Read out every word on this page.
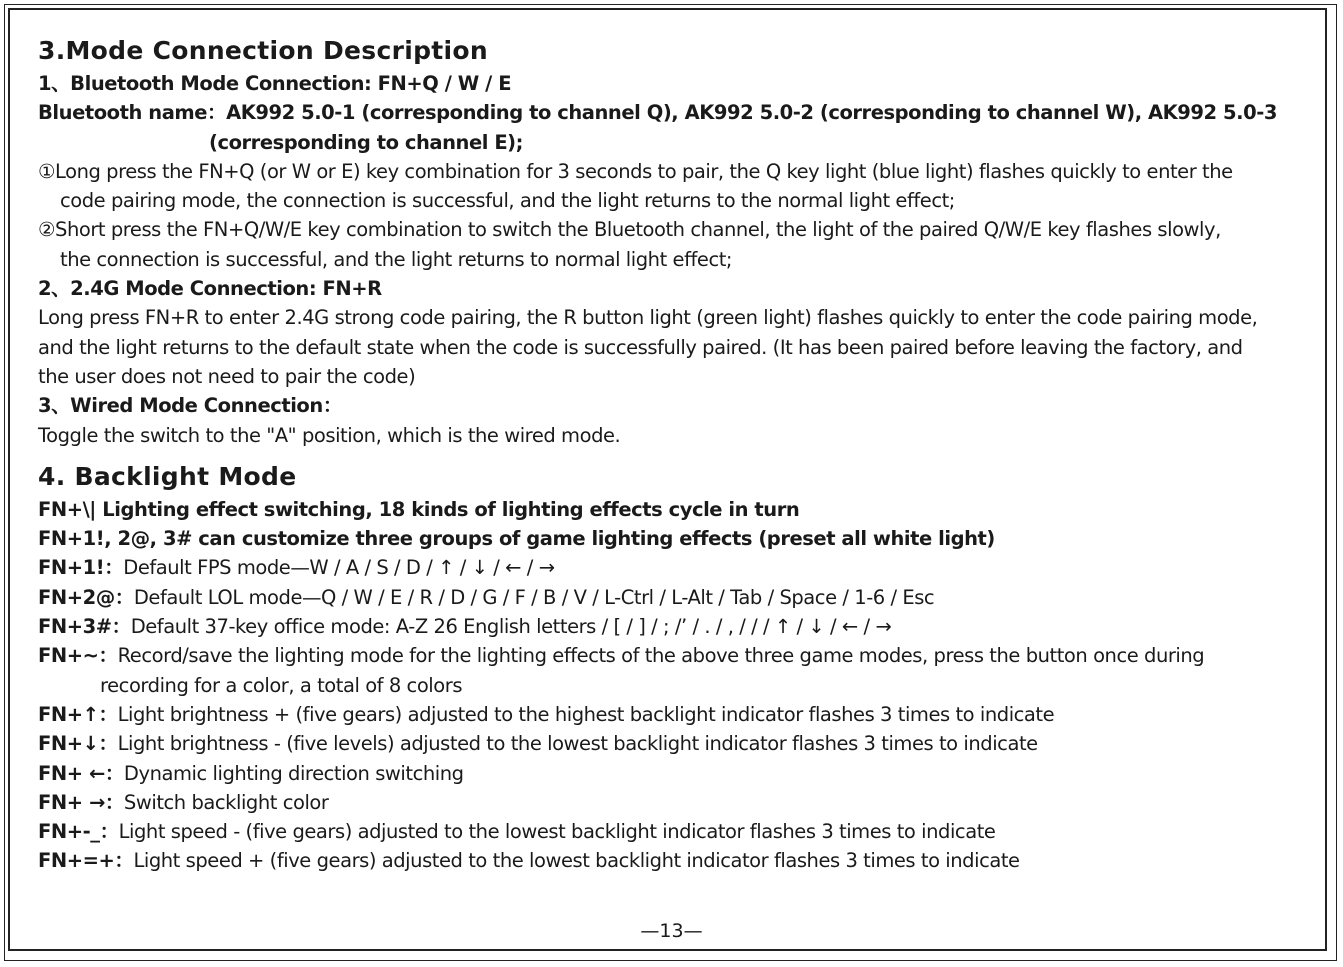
3.Mode Connection Description
1、Bluetooth Mode Connection: FN+Q / W / E
Bluetooth name：AK992 5.0-1 (corresponding to channel Q), AK992 5.0-2 (corresponding to channel W), AK992 5.0-3
(corresponding to channel E);
①Long press the FN+Q (or W or E) key combination for 3 seconds to pair, the Q key light (blue light) flashes quickly to enter the
code pairing mode, the connection is successful, and the light returns to the normal light effect;
②Short press the FN+Q/W/E key combination to switch the Bluetooth channel, the light of the paired Q/W/E key flashes slowly,
the connection is successful, and the light returns to normal light effect;
2、2.4G Mode Connection: FN+R
Long press FN+R to enter 2.4G strong code pairing, the R button light (green light) flashes quickly to enter the code pairing mode,
and the light returns to the default state when the code is successfully paired. (It has been paired before leaving the factory, and
the user does not need to pair the code)
3、Wired Mode Connection：
Toggle the switch to the "A" position, which is the wired mode.
4. Backlight Mode
FN+\| Lighting effect switching, 18 kinds of lighting effects cycle in turn
FN+1!, 2@, 3# can customize three groups of game lighting effects (preset all white light)
FN+1!：Default FPS mode—W / A / S / D / ↑ / ↓ / ← / →
FN+2@：Default LOL mode—Q / W / E / R / D / G / F / B / V / L-Ctrl / L-Alt / Tab / Space / 1-6 / Esc
FN+3#：Default 37-key office mode: A-Z 26 English letters / [ / ] / ; /’ / . / , / / / ↑ / ↓ / ← / →
FN+~：Record/save the lighting mode for the lighting effects of the above three game modes, press the button once during
recording for a color, a total of 8 colors
FN+↑：Light brightness + (five gears) adjusted to the highest backlight indicator flashes 3 times to indicate
FN+↓：Light brightness - (five levels) adjusted to the lowest backlight indicator flashes 3 times to indicate
FN+ ←：Dynamic lighting direction switching
FN+ →：Switch backlight color
FN+-_：Light speed - (five gears) adjusted to the lowest backlight indicator flashes 3 times to indicate
FN+=+：Light speed + (five gears) adjusted to the lowest backlight indicator flashes 3 times to indicate
—13—
